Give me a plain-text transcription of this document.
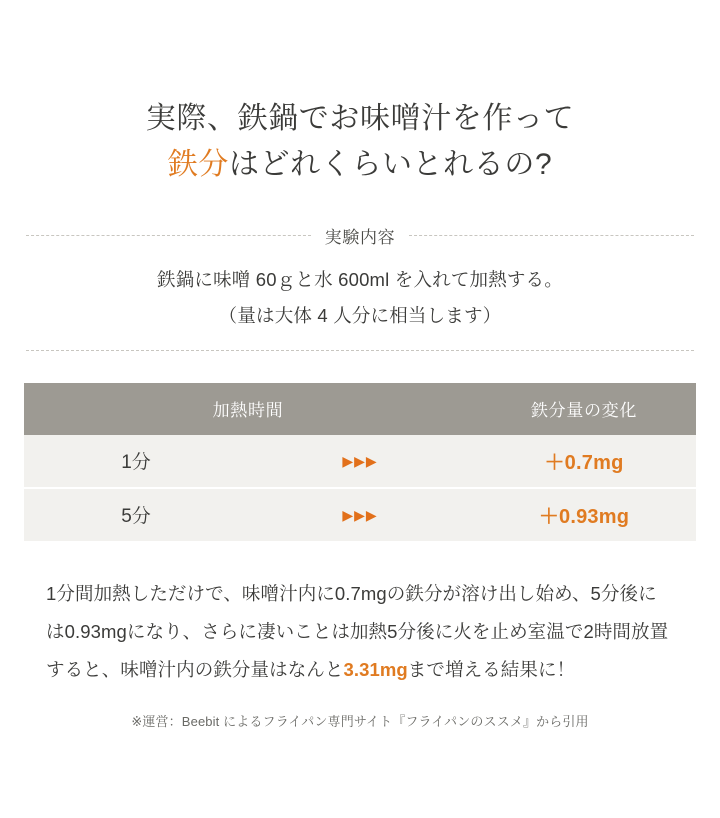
実際、鉄鍋でお味噌汁を作って
鉄分はどれくらいとれるの?
実験内容
鉄鍋に味噌 60ｇと水 600ml を入れて加熱する。
（量は大体 4 人分に相当します）
加熱時間		鉄分量の変化
1分	▶▶▶	＋0.7mg
5分	▶▶▶	＋0.93mg

1分間加熱しただけで、味噌汁内に0.7mgの鉄分が溶け出し始め、5分後には0.93mgになり、さらに凄いことは加熱5分後に火を止め室温で2時間放置すると、味噌汁内の鉄分量はなんと3.31mgまで増える結果に！

※運営：Beebit によるフライパン専門サイト『フライパンのススメ』から引用
